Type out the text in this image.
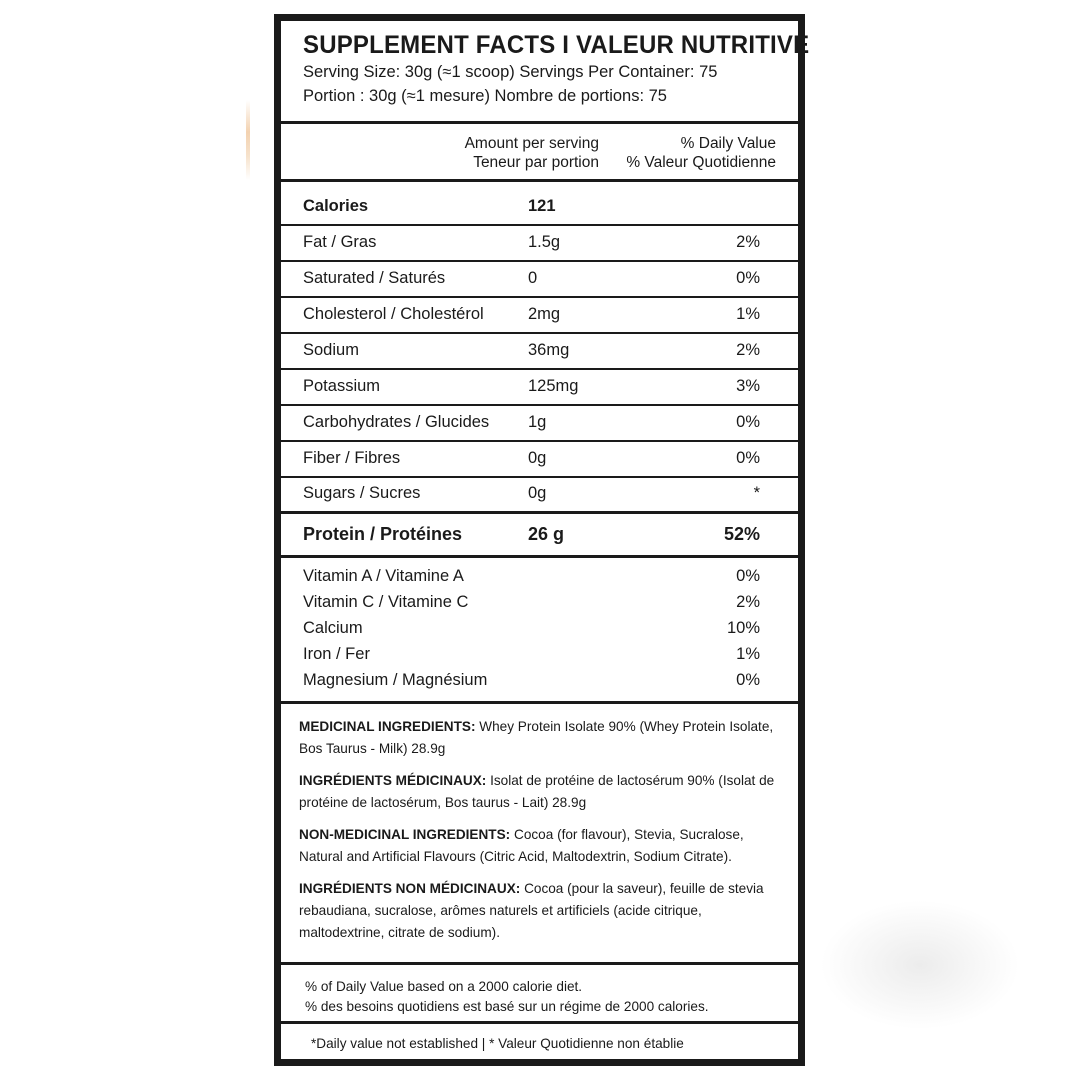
SUPPLEMENT FACTS I VALEUR NUTRITIVE
Serving Size: 30g (≈1 scoop) Servings Per Container: 75
Portion : 30g (≈1 mesure) Nombre de portions: 75
Amount per serving
Teneur par portion
% Daily Value
% Valeur Quotidienne
Calories	121
Fat / Gras	1.5g	2%
Saturated / Saturés	0	0%
Cholesterol / Cholestérol	2mg	1%
Sodium	36mg	2%
Potassium	125mg	3%
Carbohydrates / Glucides 1g	0%
Fiber / Fibres	0g	0%
Sugars / Sucres	0g	*
Protein / Protéines	26 g	52%
Vitamin A / Vitamine A	0%
Vitamin C / Vitamine C	2%
Calcium	10%
Iron / Fer	1%
Magnesium / Magnésium	0%

MEDICINAL INGREDIENTS: Whey Protein Isolate 90% (Whey Protein Isolate, Bos Taurus - Milk) 28.9g

INGRÉDIENTS MÉDICINAUX: Isolat de protéine de lactosérum 90% (Isolat de protéine de lactosérum, Bos taurus - Lait) 28.9g

NON-MEDICINAL INGREDIENTS: Cocoa (for flavour), Stevia, Sucralose, Natural and Artificial Flavours (Citric Acid, Maltodextrin, Sodium Citrate).

INGRÉDIENTS NON MÉDICINAUX: Cocoa (pour la saveur), feuille de stevia rebaudiana, sucralose, arômes naturels et artificiels (acide citrique, maltodextrine, citrate de sodium).

% of Daily Value based on a 2000 calorie diet.
% des besoins quotidiens est basé sur un régime de 2000 calories.
*Daily value not established | * Valeur Quotidienne non établie
